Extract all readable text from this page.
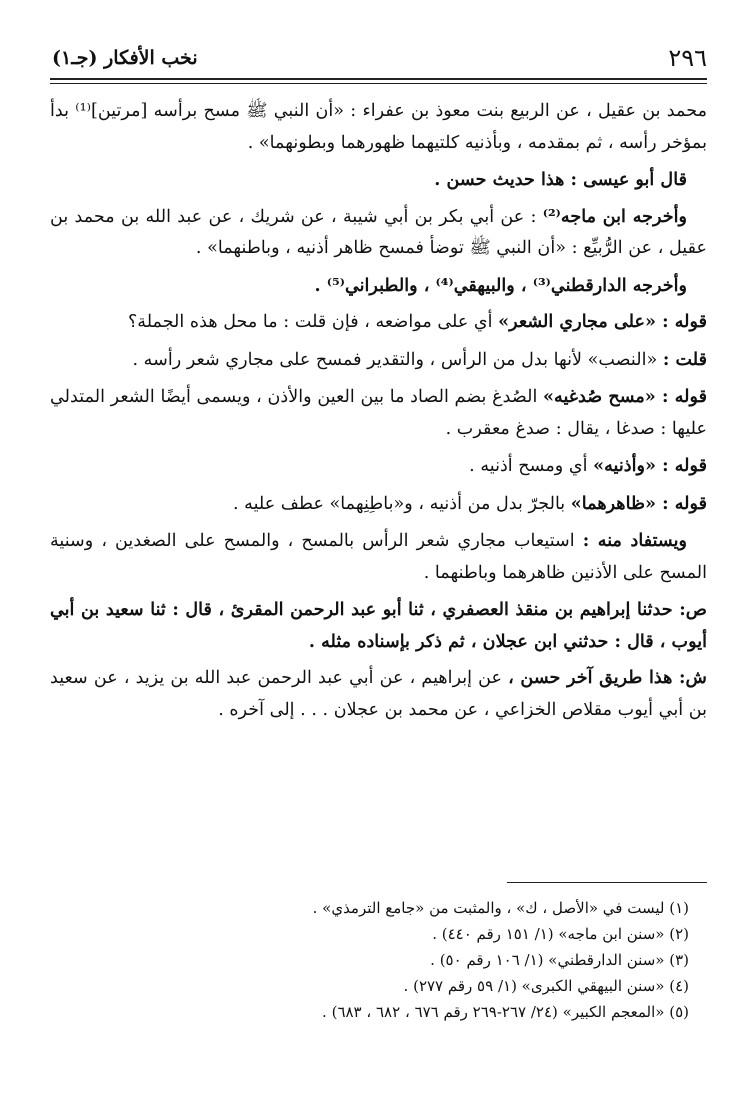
٢٩٦
نخب الأفكار (جـ١)

محمد بن عقيل ، عن الربيع بنت معوذ بن عفراء : «أن النبي ﷺ مسح برأسه [مرتين]⁽¹⁾ بدأ بمؤخر رأسه ، ثم بمقدمه ، وبأذنيه كلتيهما ظهورهما وبطونهما» .

قال أبو عيسى : هذا حديث حسن .

وأخرجه ابن ماجه⁽²⁾ : عن أبي بكر بن أبي شيبة ، عن شريك ، عن عبد الله بن محمد بن عقيل ، عن الرُّبيِّع : «أن النبي ﷺ توضأ فمسح ظاهر أذنيه ، وباطنهما» .

وأخرجه الدارقطني⁽³⁾ ، والبيهقي⁽⁴⁾ ، والطبراني⁽⁵⁾ .

قوله : «على مجاري الشعر» أي على مواضعه ، فإن قلت : ما محل هذه الجملة؟

قلت : «النصب» لأنها بدل من الرأس ، والتقدير فمسح على مجاري شعر رأسه .

قوله : «مسح صُدغيه» الصُدغ بضم الصاد ما بين العين والأذن ، ويسمى أيضًا الشعر المتدلي عليها : صدغا ، يقال : صدغ معقرب .

قوله : «وأذنيه» أي ومسح أذنيه .

قوله : «ظاهرهما» بالجرّ بدل من أذنيه ، و«باطِنِهما» عطف عليه .

ويستفاد منه : استيعاب مجاري شعر الرأس بالمسح ، والمسح على الصغدين ، وسنية المسح على الأذنين ظاهرهما وباطنهما .

ص: حدثنا إبراهيم بن منقذ العصفري ، ثنا أبو عبد الرحمن المقرئ ، قال : ثنا سعيد بن أبي أيوب ، قال : حدثني ابن عجلان ، ثم ذكر بإسناده مثله .

ش: هذا طريق آخر حسن ، عن إبراهيم ، عن أبي عبد الرحمن عبد الله بن يزيد ، عن سعيد بن أبي أيوب مقلاص الخزاعي ، عن محمد بن عجلان . . . إلى آخره .

(١) ليست في «الأصل ، ك» ، والمثبت من «جامع الترمذي» .

(٢) «سنن ابن ماجه» (١/ ١٥١ رقم ٤٤٠) .

(٣) «سنن الدارقطني» (١/ ١٠٦ رقم ٥٠) .

(٤) «سنن البيهقي الكبرى» (١/ ٥٩ رقم ٢٧٧) .

(٥) «المعجم الكبير» (٢٤/ ٢٦٧-٢٦٩ رقم ٦٧٦ ، ٦٨٢ ، ٦٨٣) .
